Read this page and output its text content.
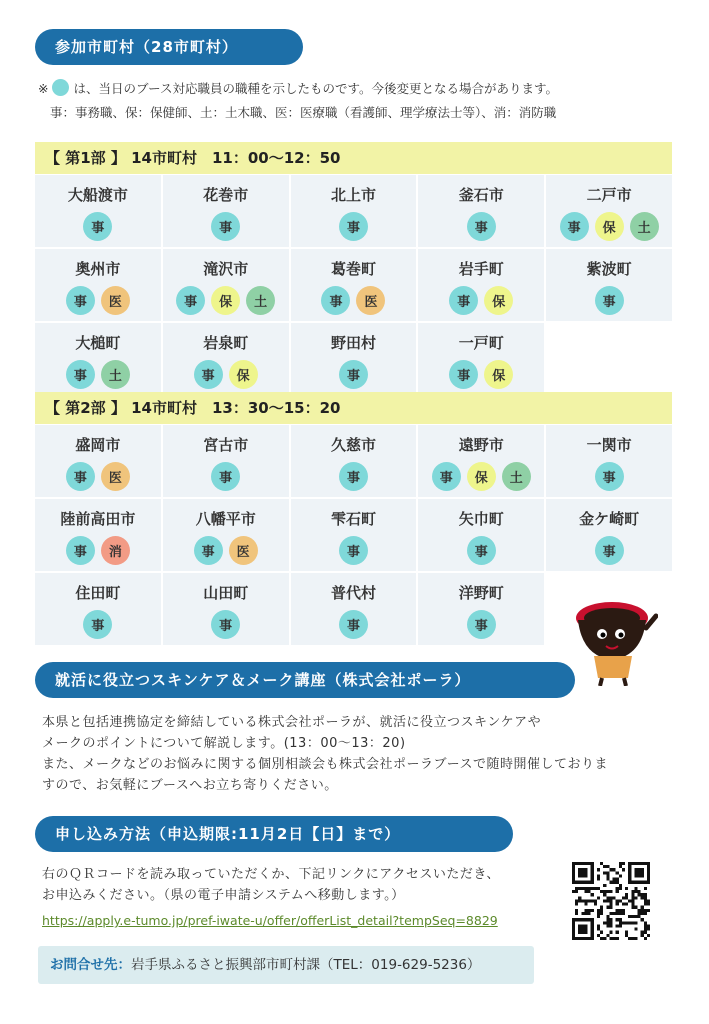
参加市町村（28市町村）
※ は、当日のブース対応職員の職種を示したものです。今後変更となる場合があります。
事：事務職、保：保健師、土：土木職、医：医療職（看護師、理学療法士等）、消：消防職
【 第1部 】 14市町村　11：00〜12：50
大船渡市
事
花巻市
事
北上市
事
釜石市
事
二戸市
事	保	土
奥州市
事	医
滝沢市
事	保	土
葛巻町
事	医
岩手町
事	保
紫波町
事
大槌町
事	土
岩泉町
事	保
野田村
事
一戸町
事	保
【 第2部 】 14市町村　13：30〜15：20
盛岡市
事	医
宮古市
事
久慈市
事
遠野市
事	保	土
一関市
事
陸前高田市
事	消
八幡平市
事	医
雫石町
事
矢巾町
事
金ケ崎町
事
住田町
事
山田町
事
普代村
事
洋野町
事
就活に役立つスキンケア＆メーク講座（株式会社ポーラ）
本県と包括連携協定を締結している株式会社ポーラが、就活に役立つスキンケアや
メークのポイントについて解説します。(13：00〜13：20)
また、メークなどのお悩みに関する個別相談会も株式会社ポーラブースで随時開催しておりま
すので、お気軽にブースへお立ち寄りください。
申し込み方法（申込期限:11月2日【日】まで）
右のＱＲコードを読み取っていただくか、下記リンクにアクセスいただき、
お申込みください。（県の電子申請システムへ移動します。）
https://apply.e-tumo.jp/pref-iwate-u/offer/offerList_detail?tempSeq=8829
お問合せ先：岩手県ふるさと振興部市町村課（TEL：019-629-5236）
